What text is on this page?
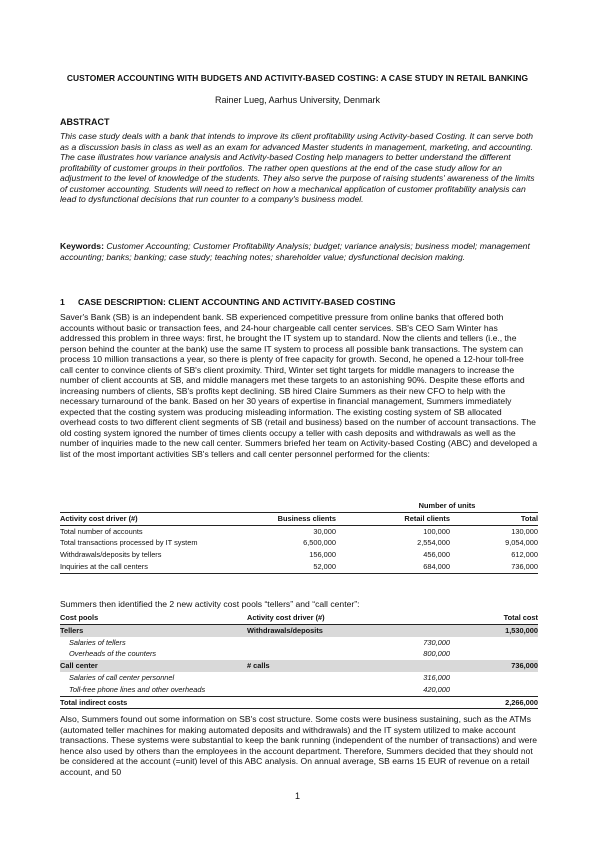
CUSTOMER ACCOUNTING WITH BUDGETS AND ACTIVITY-BASED COSTING: A CASE STUDY IN RETAIL BANKING
Rainer Lueg, Aarhus University, Denmark
ABSTRACT
This case study deals with a bank that intends to improve its client profitability using Activity-based Costing. It can serve both as a discussion basis in class as well as an exam for advanced Master students in management, marketing, and accounting. The case illustrates how variance analysis and Activity-based Costing help managers to better understand the different profitability of customer groups in their portfolios. The rather open questions at the end of the case study allow for an adjustment to the level of knowledge of the students. They also serve the purpose of raising students' awareness of the limits of customer accounting. Students will need to reflect on how a mechanical application of customer profitability analysis can lead to dysfunctional decisions that run counter to a company's business model.
Keywords: Customer Accounting; Customer Profitability Analysis; budget; variance analysis; business model; management accounting; banks; banking; case study; teaching notes; shareholder value; dysfunctional decision making.
1 CASE DESCRIPTION: CLIENT ACCOUNTING AND ACTIVITY-BASED COSTING
Saver's Bank (SB) is an independent bank. SB experienced competitive pressure from online banks that offered both accounts without basic or transaction fees, and 24-hour chargeable call center services. SB's CEO Sam Winter has addressed this problem in three ways: first, he brought the IT system up to standard. Now the clients and tellers (i.e., the person behind the counter at the bank) use the same IT system to process all possible bank transactions. The system can process 10 million transactions a year, so there is plenty of free capacity for growth. Second, he opened a 12-hour toll-free call center to convince clients of SB's client proximity. Third, Winter set tight targets for middle managers to increase the number of client accounts at SB, and middle managers met these targets to an astonishing 90%. Despite these efforts and increasing numbers of clients, SB's profits kept declining. SB hired Claire Summers as their new CFO to help with the necessary turnaround of the bank. Based on her 30 years of expertise in financial management, Summers immediately expected that the costing system was producing misleading information. The existing costing system of SB allocated overhead costs to two different client segments of SB (retail and business) based on the number of account transactions. The old costing system ignored the number of times clients occupy a teller with cash deposits and withdrawals as well as the number of inquiries made to the new call center. Summers briefed her team on Activity-based Costing (ABC) and developed a list of the most important activities SB's tellers and call center personnel performed for the clients:
Number of units
Activity cost driver (#)	Business clients	Retail clients	Total
Total number of accounts	30,000	100,000	130,000
Total transactions processed by IT system	6,500,000	2,554,000	9,054,000
Withdrawals/deposits by tellers	156,000	456,000	612,000
Inquiries at the call centers	52,000	684,000	736,000
Summers then identified the 2 new activity cost pools “tellers” and “call center”:
Cost pools	Activity cost driver (#)	Total cost
Tellers	Withdrawals/deposits	1,530,000
Salaries of tellers	730,000
Overheads of the counters	800,000
Call center	# calls	736,000
Salaries of call center personnel	316,000
Toll-free phone lines and other overheads	420,000
Total indirect costs	2,266,000
Also, Summers found out some information on SB's cost structure. Some costs were business sustaining, such as the ATMs (automated teller machines for making automated deposits and withdrawals) and the IT system utilized to make account transactions. These systems were substantial to keep the bank running (independent of the number of transactions) and were hence also used by others than the employees in the account department. Therefore, Summers decided that they should not be considered at the account (=unit) level of this ABC analysis. On annual average, SB earns 15 EUR of revenue on a retail account, and 50
1
